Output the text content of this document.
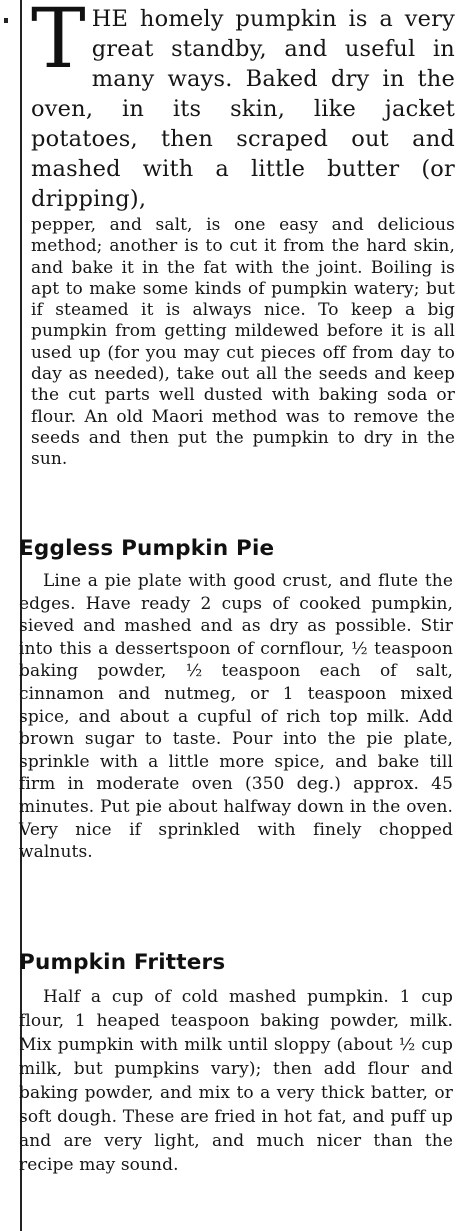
T HE homely pumpkin is a very great standby, and useful in many ways. Baked dry in the oven, in its skin, like jacket potatoes, then scraped out and mashed with a little butter (or dripping),

pepper, and salt, is one easy and delicious method; another is to cut it from the hard skin, and bake it in the fat with the joint. Boiling is apt to make some kinds of pumpkin watery; but if steamed it is always nice. To keep a big pumpkin from getting mildewed before it is all used up (for you may cut pieces off from day to day as needed), take out all the seeds and keep the cut parts well dusted with baking soda or flour. An old Maori method was to remove the seeds and then put the pumpkin to dry in the sun.

Eggless Pumpkin Pie

Line a pie plate with good crust, and flute the edges. Have ready 2 cups of cooked pumpkin, sieved and mashed and as dry as possible. Stir into this a dessertspoon of cornflour, ½ teaspoon baking powder, ½ teaspoon each of salt, cinnamon and nutmeg, or 1 teaspoon mixed spice, and about a cupful of rich top milk. Add brown sugar to taste. Pour into the pie plate, sprinkle with a little more spice, and bake till firm in moderate oven (350 deg.) approx. 45 minutes. Put pie about halfway down in the oven. Very nice if sprinkled with finely chopped walnuts.

Pumpkin Fritters

Half a cup of cold mashed pumpkin. 1 cup flour, 1 heaped teaspoon baking powder, milk. Mix pumpkin with milk until sloppy (about ½ cup milk, but pumpkins vary); then add flour and baking powder, and mix to a very thick batter, or soft dough. These are fried in hot fat, and puff up and are very light, and much nicer than the recipe may sound.
